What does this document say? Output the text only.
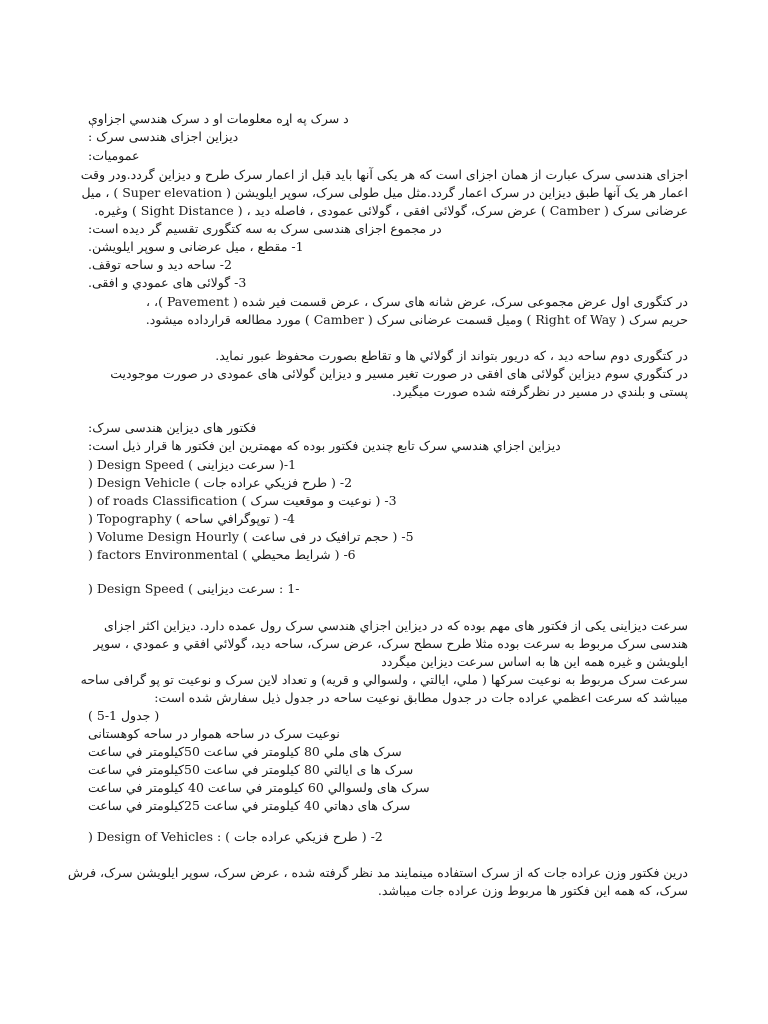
د سرک په اړه معلومات او د سرک هندسي اجزاوې
دیزاین اجزای هندسی سرک :
عمومیات:
اجزای هندسی سرک عبارت از همان اجزای است که هر یکی آنها باید قبل از اعمار سرک طرح و دیزاین گردد.ودر وقت
اعمار هر یک آنها طبق دیزاین در سرک اعمار گردد.مثل میل طولی سرک، سوپر ایلویشن ( Super elevation ) ، میل
عرضانی سرک ( Camber ) عرض سرک، گولائی افقی ، گولائی عمودی ، فاصله دید ، ( Sight Distance ) وغیره.
در مجموع اجزای هندسی سرک به سه کتگوری تقسیم گر دیده است:
1- مقطع ، میل عرضانی و سوپر ایلویشن.
2- ساحه دید و ساحه توقف.
3- گولائی های عمودي و افقی.
در کتگوری اول عرض مجموعی سرک، عرض شانه های سرک ، عرض قسمت فیر شده ( Pavement )، ،
حریم سرک ( Right of Way ) ومیل قسمت عرضانی سرک ( Camber ) مورد مطالعه قرارداده میشود.
در کتگوری دوم ساحه دید ، که دریور بتواند از گولائي ها و تقاطع بصورت محفوظ عبور نماید.
در کتگوري سوم دیزاین گولائی های افقی در صورت تغیر مسیر و دیزاین گولائی های عمودی در صورت موجودیت
پستی و بلندي در مسیر در نظرگرفته شده صورت میگیرد.
فکتور های دیزاین هندسی سرک:
دیزاین اجزاي هندسي سرک تابع چندین فکتور بوده که مهمترین این فکتور ها قرار ذیل است:
1-( سرعت دیزاینی ) Design Speed (
2- ( طرح فزیکي عراده جات ) Design Vehicle (
3- ( نوعیت و موقعیت سرک ) of roads Classification (
4- ( توپوگرافي ساحه ) Topography (
5- ( حجم ترافیک در فی ساعت ) Volume Design Hourly (
6- ( شرایط محیطي ) factors Environmental (
-1 : سرعت دیزاینی ) Design Speed (
سرعت دیزاینی یکی از فکتور های مهم بوده که در دیزاین اجزاي هندسي سرک رول عمده دارد. دیزاین اکثر اجزای
هندسی سرک مربوط به سرعت بوده مثلا طرح سطح سرک، عرض سرک، ساحه دید، گولائي افقي و عمودي ، سوپر
ایلویشن و غیره همه این ها به اساس سرعت دیزاین میگردد
سرعت سرک مربوط به نوعیت سرکها ( ملي، ایالتي ، ولسوالي و قریه) و تعداد لاین سرک و نوعیت تو پو گرافی ساحه
میباشد که سرعت اعظمي عراده جات در جدول مطابق نوعیت ساحه در جدول ذیل سفارش شده است:
( جدول 1-5 )
نوعیت سرک در ساحه هموار در ساحه کوهستانی
سرک های ملي 80 کیلومتر في ساعت 50کیلومتر في ساعت
سرک ها ی ایالتي 80 کیلومتر في ساعت 50کیلومتر في ساعت
سرک های ولسوالي 60 کیلومتر في ساعت 40 کیلومتر في ساعت
سرک های دهاتي 40 کیلومتر في ساعت 25کیلومتر في ساعت
2- ( طرح فزیکي عراده جات ) : Design of Vehicles (
درین فکتور وزن عراده جات که از سرک استفاده مینمایند مد نظر گرفته شده ، عرض سرک، سوپر ایلویشن سرک، فرش
سرک، که همه این فکتور ها مربوط وزن عراده جات میباشد.
